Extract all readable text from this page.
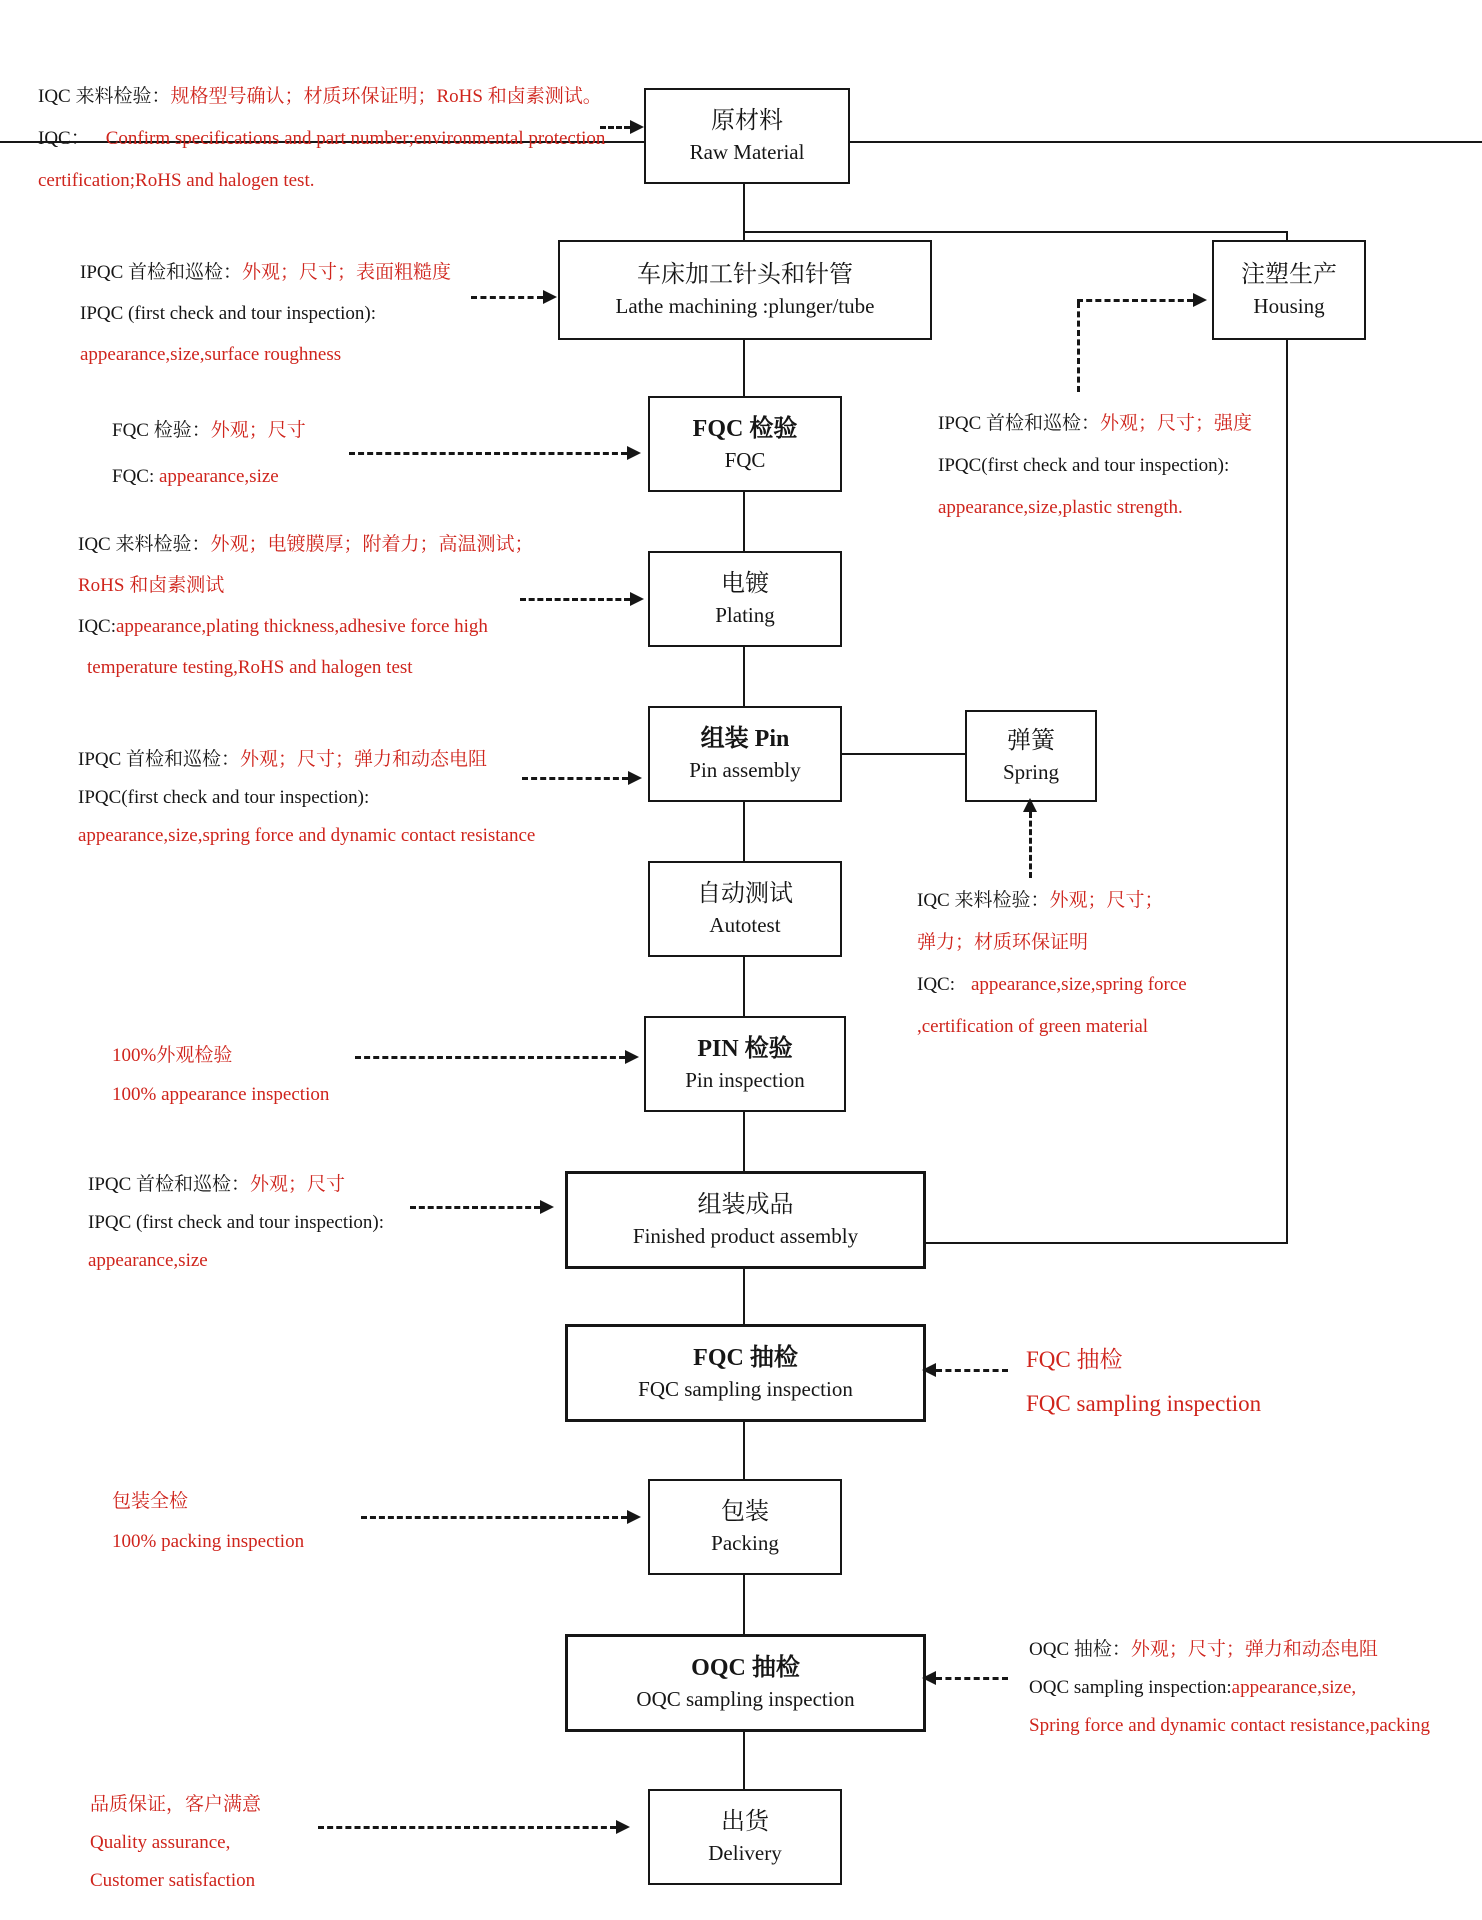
原材料
Raw Material
车床加工针头和针管
Lathe machining :plunger/tube
FQC 检验
FQC
电镀
Plating
组装 Pin
Pin assembly
自动测试
Autotest
PIN 检验
Pin inspection
组装成品
Finished product assembly
FQC 抽检
FQC sampling inspection
包装
Packing
OQC 抽检
OQC sampling inspection
出货
Delivery
注塑生产
Housing
弹簧
Spring
IQC 来料检验：规格型号确认；材质环保证明；RoHS 和卤素测试。
IQC： Confirm specifications and part number;environmental protection
certification;RoHS and halogen test.
IPQC 首检和巡检：外观；尺寸；表面粗糙度
IPQC (first check and tour inspection):
appearance,size,surface roughness
FQC 检验：外观；尺寸
FQC: appearance,size
IQC 来料检验：外观；电镀膜厚；附着力；高温测试；
RoHS 和卤素测试
IQC:appearance,plating thickness,adhesive force high
temperature testing,RoHS and halogen test
IPQC 首检和巡检：外观；尺寸；弹力和动态电阻
IPQC(first check and tour inspection):
appearance,size,spring force and dynamic contact resistance
100%外观检验
100% appearance inspection
IPQC 首检和巡检：外观；尺寸
IPQC (first check and tour inspection):
appearance,size
包装全检
100% packing inspection
品质保证，客户满意
Quality assurance,
Customer satisfaction
IPQC 首检和巡检：外观；尺寸；强度
IPQC(first check and tour inspection):
appearance,size,plastic strength.
IQC 来料检验：外观；尺寸；
弹力；材质环保证明
IQC: appearance,size,spring force
,certification of green material
FQC 抽检
FQC sampling inspection
OQC 抽检：外观；尺寸；弹力和动态电阻
OQC sampling inspection:appearance,size,
Spring force and dynamic contact resistance,packing
